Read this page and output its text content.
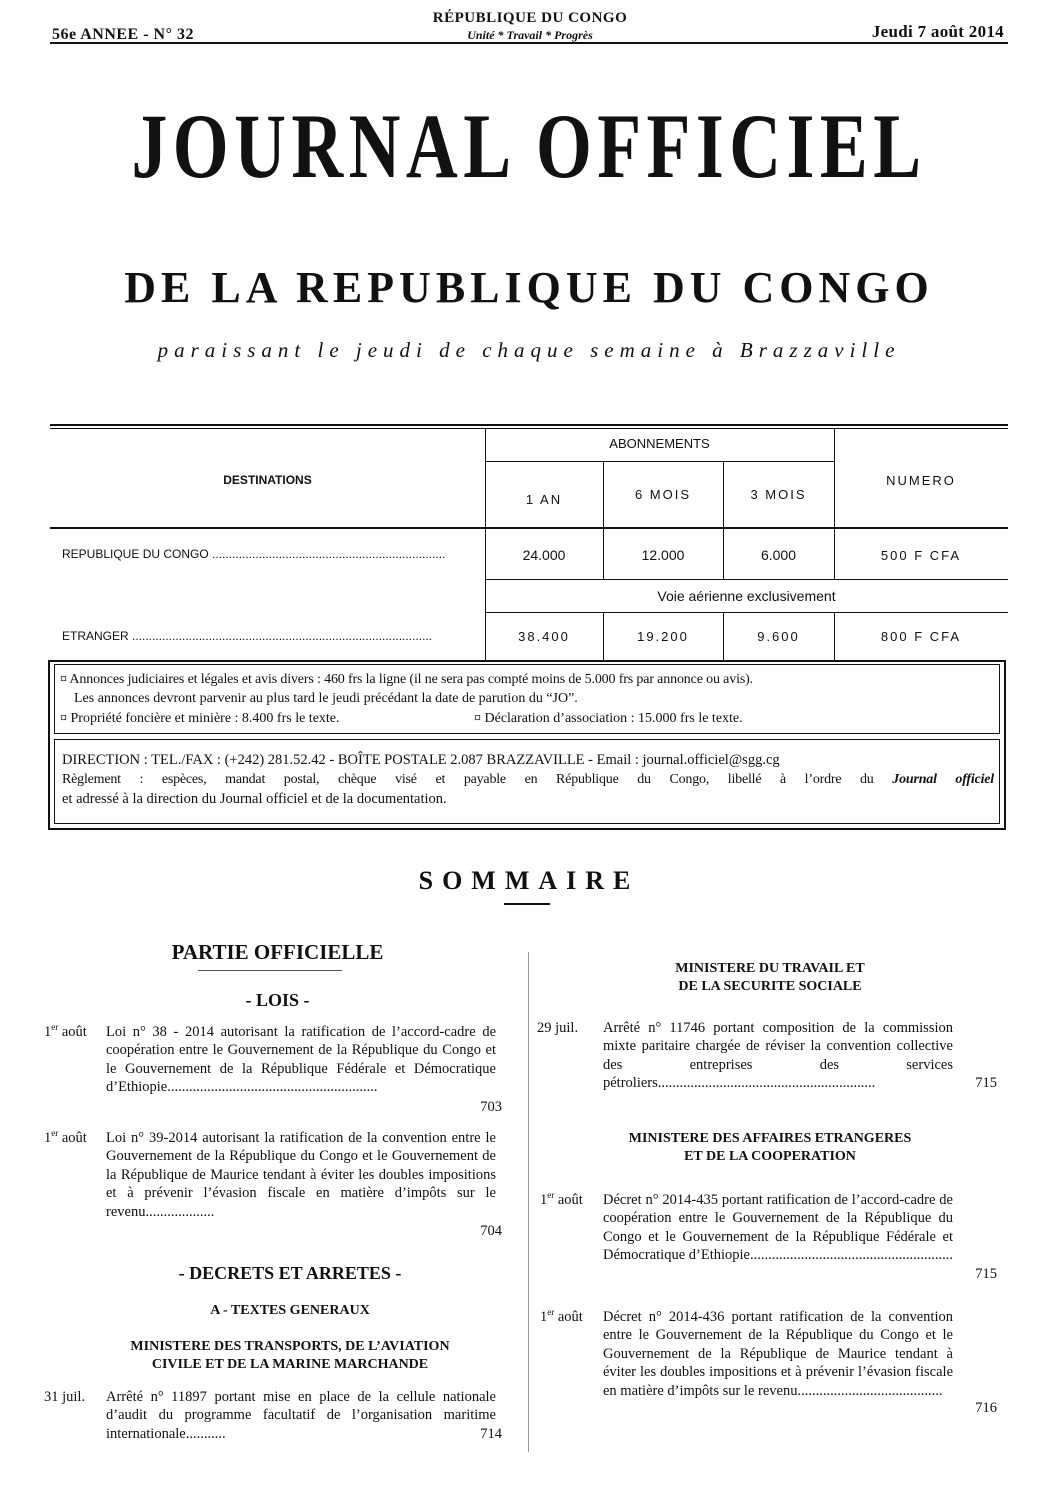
56e ANNEE - N° 32
RÉPUBLIQUE DU CONGO
Unité * Travail * Progrès	Jeudi 7 août 2014
JOURNAL OFFICIEL
DE LA REPUBLIQUE DU CONGO
paraissant le jeudi de chaque semaine à Brazzaville
DESTINATIONS
ABONNEMENTS
1 AN	6 MOIS	3 MOIS
NUMERO
REPUBLIQUE DU CONGO ......................................................................	24.000	12.000	6.000	500 F CFA
Voie aérienne exclusivement
ETRANGER ..........................................................................................	38.400	19.200	9.600	800 F CFA
¤ Annonces judiciaires et légales et avis divers : 460 frs la ligne (il ne sera pas compté moins de 5.000 frs par annonce ou avis).
Les annonces devront parvenir au plus tard le jeudi précédant la date de parution du “JO”.
¤ Propriété foncière et minière : 8.400 frs le texte.	¤ Déclaration d’association : 15.000 frs le texte.
DIRECTION : TEL./FAX : (+242) 281.52.42 - BOÎTE POSTALE 2.087 BRAZZAVILLE - Email : journal.officiel@sgg.cg
Règlement : espèces, mandat postal, chèque visé et payable en République du Congo, libellé à l’ordre du Journal officiel
et adressé à la direction du Journal officiel et de la documentation.
SOMMAIRE
PARTIE OFFICIELLE
- LOIS -
1er août Loi n° 38 - 2014 autorisant la ratification de l’accord-cadre de coopération entre le Gouvernement de la République du Congo et le Gouvernement de la République Fédérale et Démocratique d’Ethiopie..........................................................
703
1er août Loi n° 39-2014 autorisant la ratification de la convention entre le Gouvernement de la République du Congo et le Gouvernement de la République de Maurice tendant à éviter les doubles impositions et à prévenir l’évasion fiscale en matière d’impôts sur le revenu...................
704
- DECRETS ET ARRETES -
A - TEXTES GENERAUX
MINISTERE DES TRANSPORTS, DE L’AVIATION
CIVILE ET DE LA MARINE MARCHANDE
31 juil. Arrêté n° 11897 portant mise en place de la cellule nationale d’audit du programme facultatif de l’organisation maritime internationale...........	714
MINISTERE DU TRAVAIL ET
DE LA SECURITE SOCIALE
29 juil. Arrêté n° 11746 portant composition de la commission mixte paritaire chargée de réviser la convention collective des entreprises des services pétroliers............................................................	715
MINISTERE DES AFFAIRES ETRANGERES
ET DE LA COOPERATION
1er août Décret n° 2014-435 portant ratification de l’accord-cadre de coopération entre le Gouvernement de la République du Congo et le Gouvernement de la République Fédérale et Démocratique d’Ethiopie........................................................
715
1er août Décret n° 2014-436 portant ratification de la convention entre le Gouvernement de la République du Congo et le Gouvernement de la République de Maurice tendant à éviter les doubles impositions et à prévenir l’évasion fiscale en matière d’impôts sur le revenu........................................
716
